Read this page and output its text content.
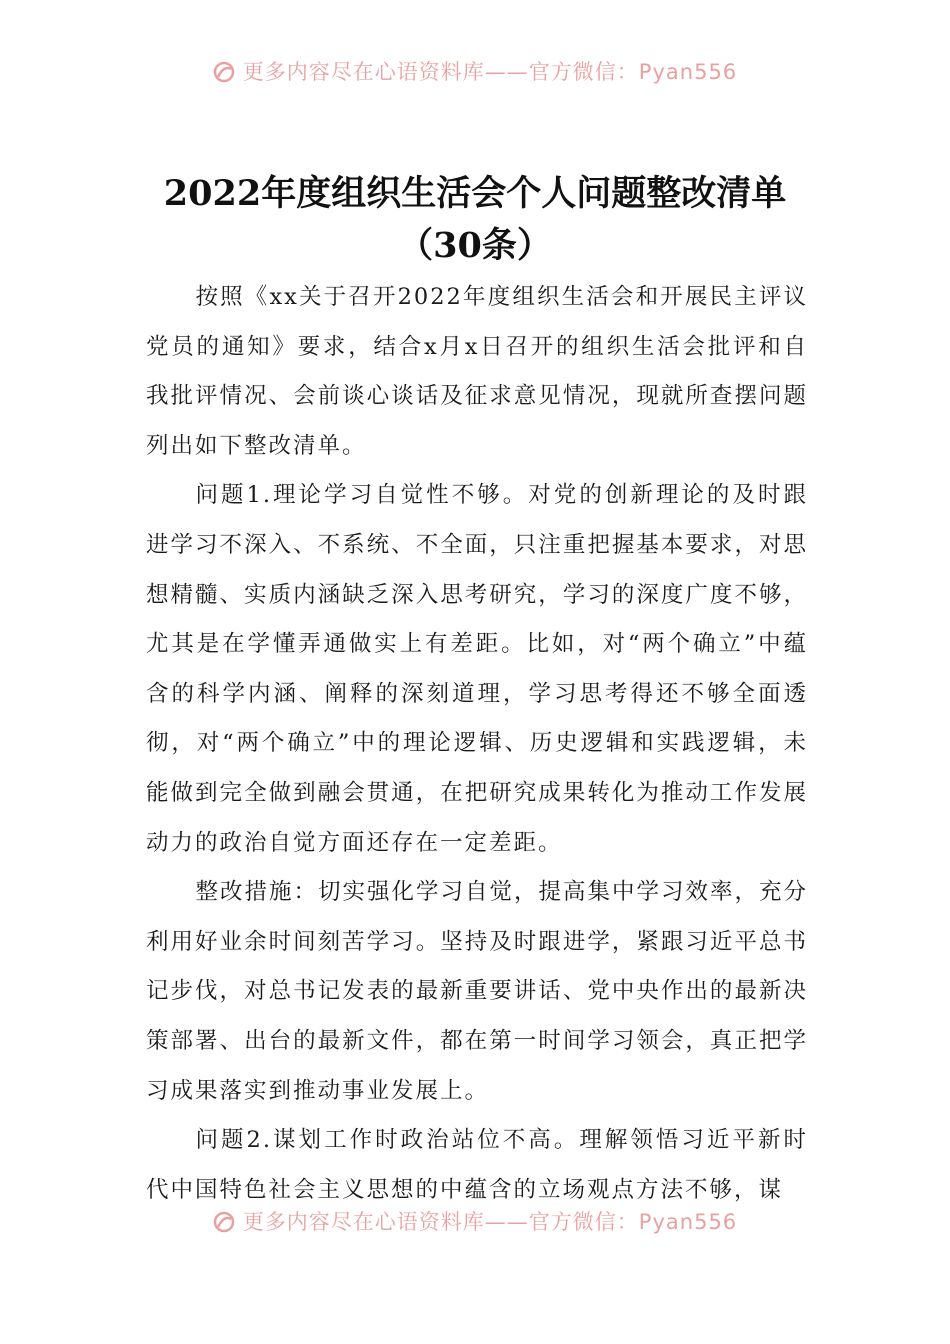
更多内容尽在心语资料库——官方微信：Pyan556
2022年度组织生活会个人问题整改清单
（30条）

按照《xx关于召开2022年度组织生活会和开展民主评议党员的通知》要求，结合x月x日召开的组织生活会批评和自我批评情况、会前谈心谈话及征求意见情况，现就所查摆问题列出如下整改清单。

问题1.理论学习自觉性不够。对党的创新理论的及时跟进学习不深入、不系统、不全面，只注重把握基本要求，对思想精髓、实质内涵缺乏深入思考研究，学习的深度广度不够，尤其是在学懂弄通做实上有差距。比如，对“两个确立”中蕴含的科学内涵、阐释的深刻道理，学习思考得还不够全面透彻，对“两个确立”中的理论逻辑、历史逻辑和实践逻辑，未能做到完全做到融会贯通，在把研究成果转化为推动工作发展动力的政治自觉方面还存在一定差距。

整改措施：切实强化学习自觉，提高集中学习效率，充分利用好业余时间刻苦学习。坚持及时跟进学，紧跟习近平总书记步伐，对总书记发表的最新重要讲话、党中央作出的最新决策部署、出台的最新文件，都在第一时间学习领会，真正把学习成果落实到推动事业发展上。

问题2.谋划工作时政治站位不高。理解领悟习近平新时代中国特色社会主义思想的中蕴含的立场观点方法不够，谋

更多内容尽在心语资料库——官方微信：Pyan556
